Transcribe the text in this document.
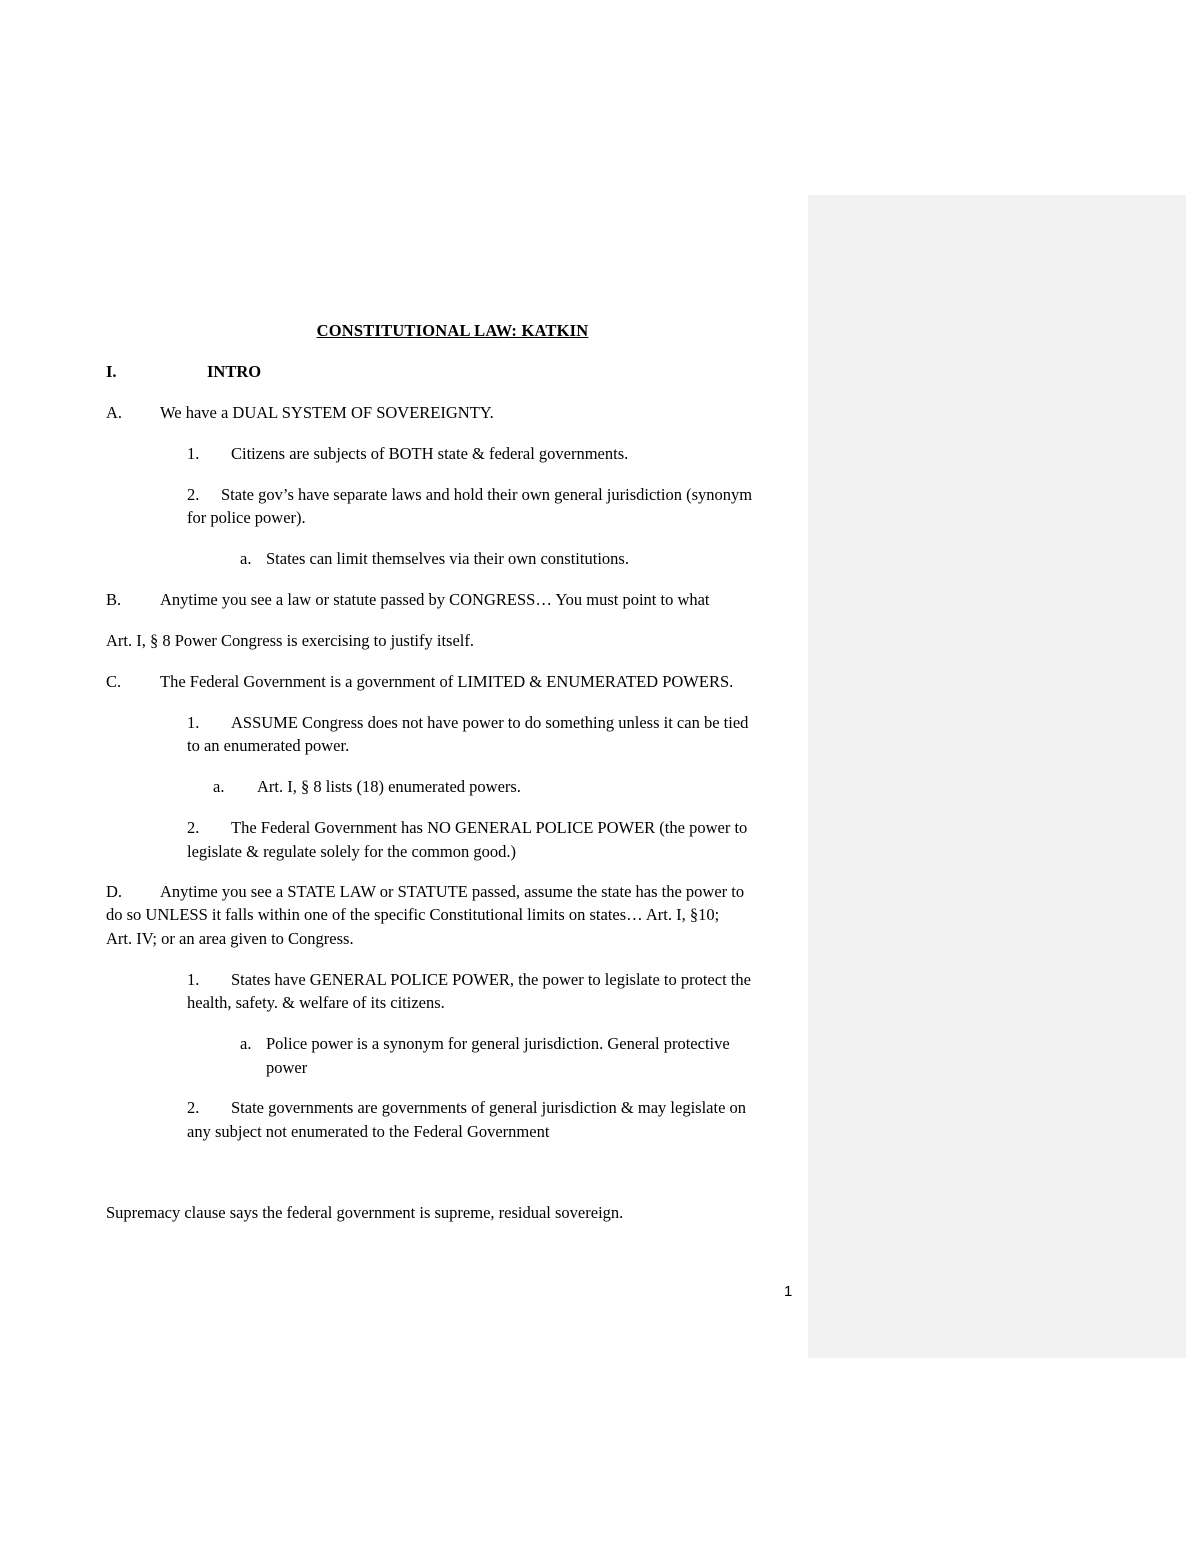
CONSTITUTIONAL LAW: KATKIN
I.	INTRO
A. We have a DUAL SYSTEM OF SOVEREIGNTY.
1. Citizens are subjects of BOTH state & federal governments.
2. State gov’s have separate laws and hold their own general jurisdiction (synonym
for police power).
a. States can limit themselves via their own constitutions.
B. Anytime you see a law or statute passed by CONGRESS… You must point to what
Art. I, § 8 Power Congress is exercising to justify itself.
C. The Federal Government is a government of LIMITED & ENUMERATED POWERS.
1. ASSUME Congress does not have power to do something unless it can be tied
to an enumerated power.
a. Art. I, § 8 lists (18) enumerated powers.
2. The Federal Government has NO GENERAL POLICE POWER (the power to
legislate & regulate solely for the common good.)
D. Anytime you see a STATE LAW or STATUTE passed, assume the state has the power to
do so UNLESS it falls within one of the specific Constitutional limits on states… Art. I, §10;
Art. IV; or an area given to Congress.
1. States have GENERAL POLICE POWER, the power to legislate to protect the
health, safety. & welfare of its citizens.
a. Police power is a synonym for general jurisdiction. General protective
power
2. State governments are governments of general jurisdiction & may legislate on
any subject not enumerated to the Federal Government
Supremacy clause says the federal government is supreme, residual sovereign.
1
